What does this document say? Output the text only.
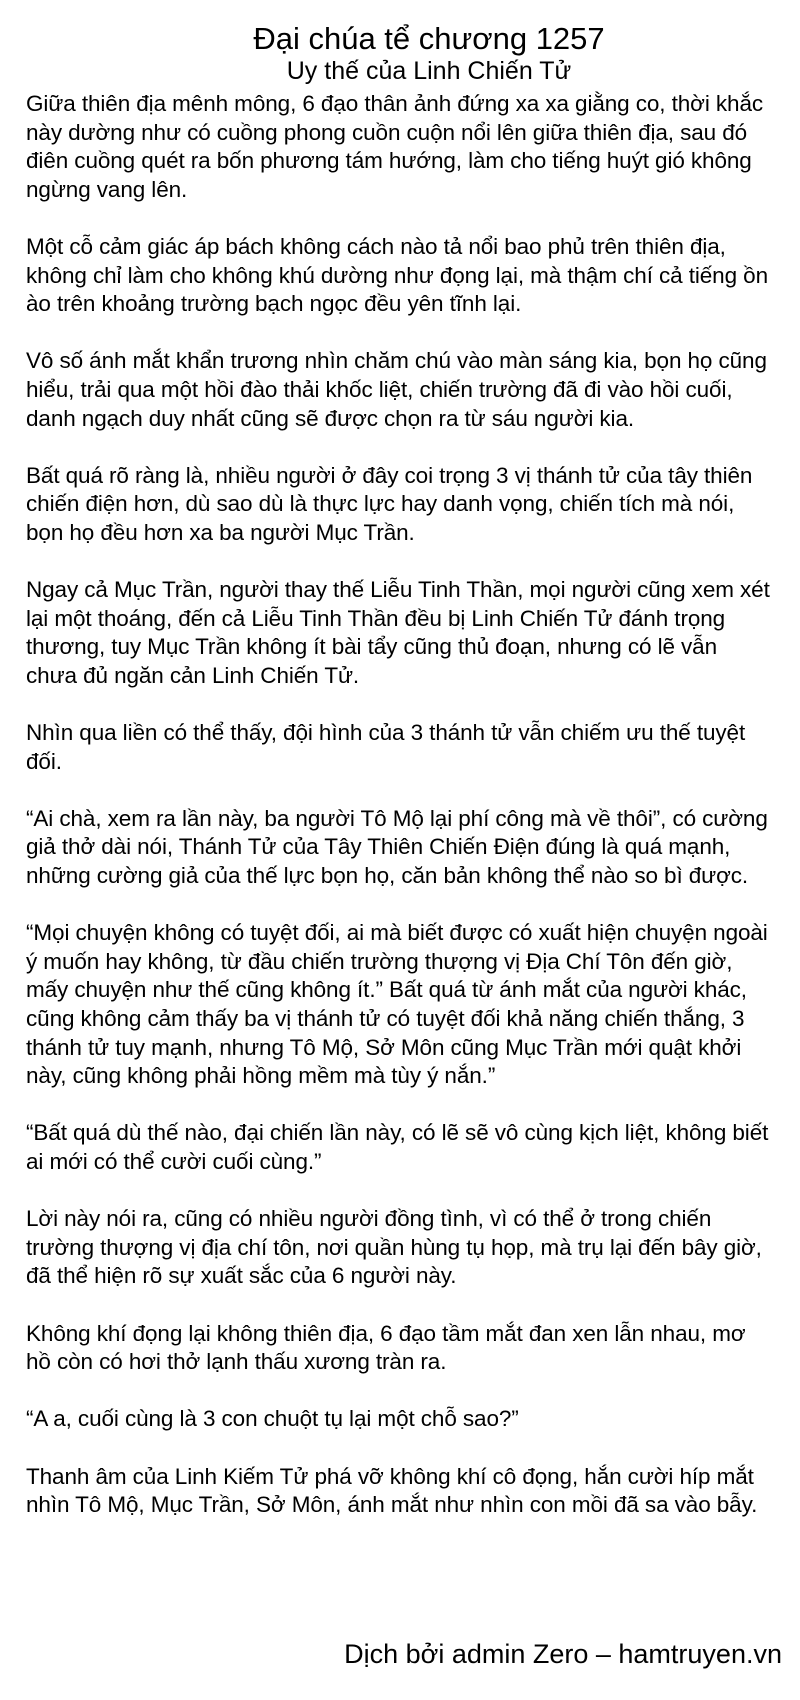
Đại chúa tể chương 1257
Uy thế của Linh Chiến Tử

Giữa thiên địa mênh mông, 6 đạo thân ảnh đứng xa xa giằng co, thời khắc này dường như có cuồng phong cuồn cuộn nổi lên giữa thiên địa, sau đó điên cuồng quét ra bốn phương tám hướng, làm cho tiếng huýt gió không ngừng vang lên.

Một cỗ cảm giác áp bách không cách nào tả nổi bao phủ trên thiên địa, không chỉ làm cho không khú dường như đọng lại, mà thậm chí cả tiếng ồn ào trên khoảng trường bạch ngọc đều yên tĩnh lại.

Vô số ánh mắt khẩn trương nhìn chăm chú vào màn sáng kia, bọn họ cũng hiểu, trải qua một hồi đào thải khốc liệt, chiến trường đã đi vào hồi cuối, danh ngạch duy nhất cũng sẽ được chọn ra từ sáu người kia.

Bất quá rõ ràng là, nhiều người ở đây coi trọng 3 vị thánh tử của tây thiên chiến điện hơn, dù sao dù là thực lực hay danh vọng, chiến tích mà nói, bọn họ đều hơn xa ba người Mục Trần.

Ngay cả Mục Trần, người thay thế Liễu Tinh Thần, mọi người cũng xem xét lại một thoáng, đến cả Liễu Tinh Thần đều bị Linh Chiến Tử đánh trọng thương, tuy Mục Trần không ít bài tẩy cũng thủ đoạn, nhưng có lẽ vẫn chưa đủ ngăn cản Linh Chiến Tử.

Nhìn qua liền có thể thấy, đội hình của 3 thánh tử vẫn chiếm ưu thế tuyệt đối.

“Ai chà, xem ra lần này, ba người Tô Mộ lại phí công mà về thôi”, có cường giả thở dài nói, Thánh Tử của Tây Thiên Chiến Điện đúng là quá mạnh, những cường giả của thế lực bọn họ, căn bản không thể nào so bì được.

“Mọi chuyện không có tuyệt đối, ai mà biết được có xuất hiện chuyện ngoài ý muốn hay không, từ đầu chiến trường thượng vị Địa Chí Tôn đến giờ, mấy chuyện như thế cũng không ít.” Bất quá từ ánh mắt của người khác, cũng không cảm thấy ba vị thánh tử có tuyệt đối khả năng chiến thắng, 3 thánh tử tuy mạnh, nhưng Tô Mộ, Sở Môn cũng Mục Trần mới quật khởi này, cũng không phải hồng mềm mà tùy ý nắn.”

“Bất quá dù thế nào, đại chiến lần này, có lẽ sẽ vô cùng kịch liệt, không biết ai mới có thể cười cuối cùng.”

Lời này nói ra, cũng có nhiều người đồng tình, vì có thể ở trong chiến trường thượng vị địa chí tôn, nơi quần hùng tụ họp, mà trụ lại đến bây giờ, đã thể hiện rõ sự xuất sắc của 6 người này.

Không khí đọng lại không thiên địa, 6 đạo tầm mắt đan xen lẫn nhau, mơ hồ còn có hơi thở lạnh thấu xương tràn ra.

“A a, cuối cùng là 3 con chuột tụ lại một chỗ sao?”

Thanh âm của Linh Kiếm Tử phá vỡ không khí cô đọng, hắn cười híp mắt nhìn Tô Mộ, Mục Trần, Sở Môn, ánh mắt như nhìn con mồi đã sa vào bẫy.

Dịch bởi admin Zero – hamtruyen.vn
